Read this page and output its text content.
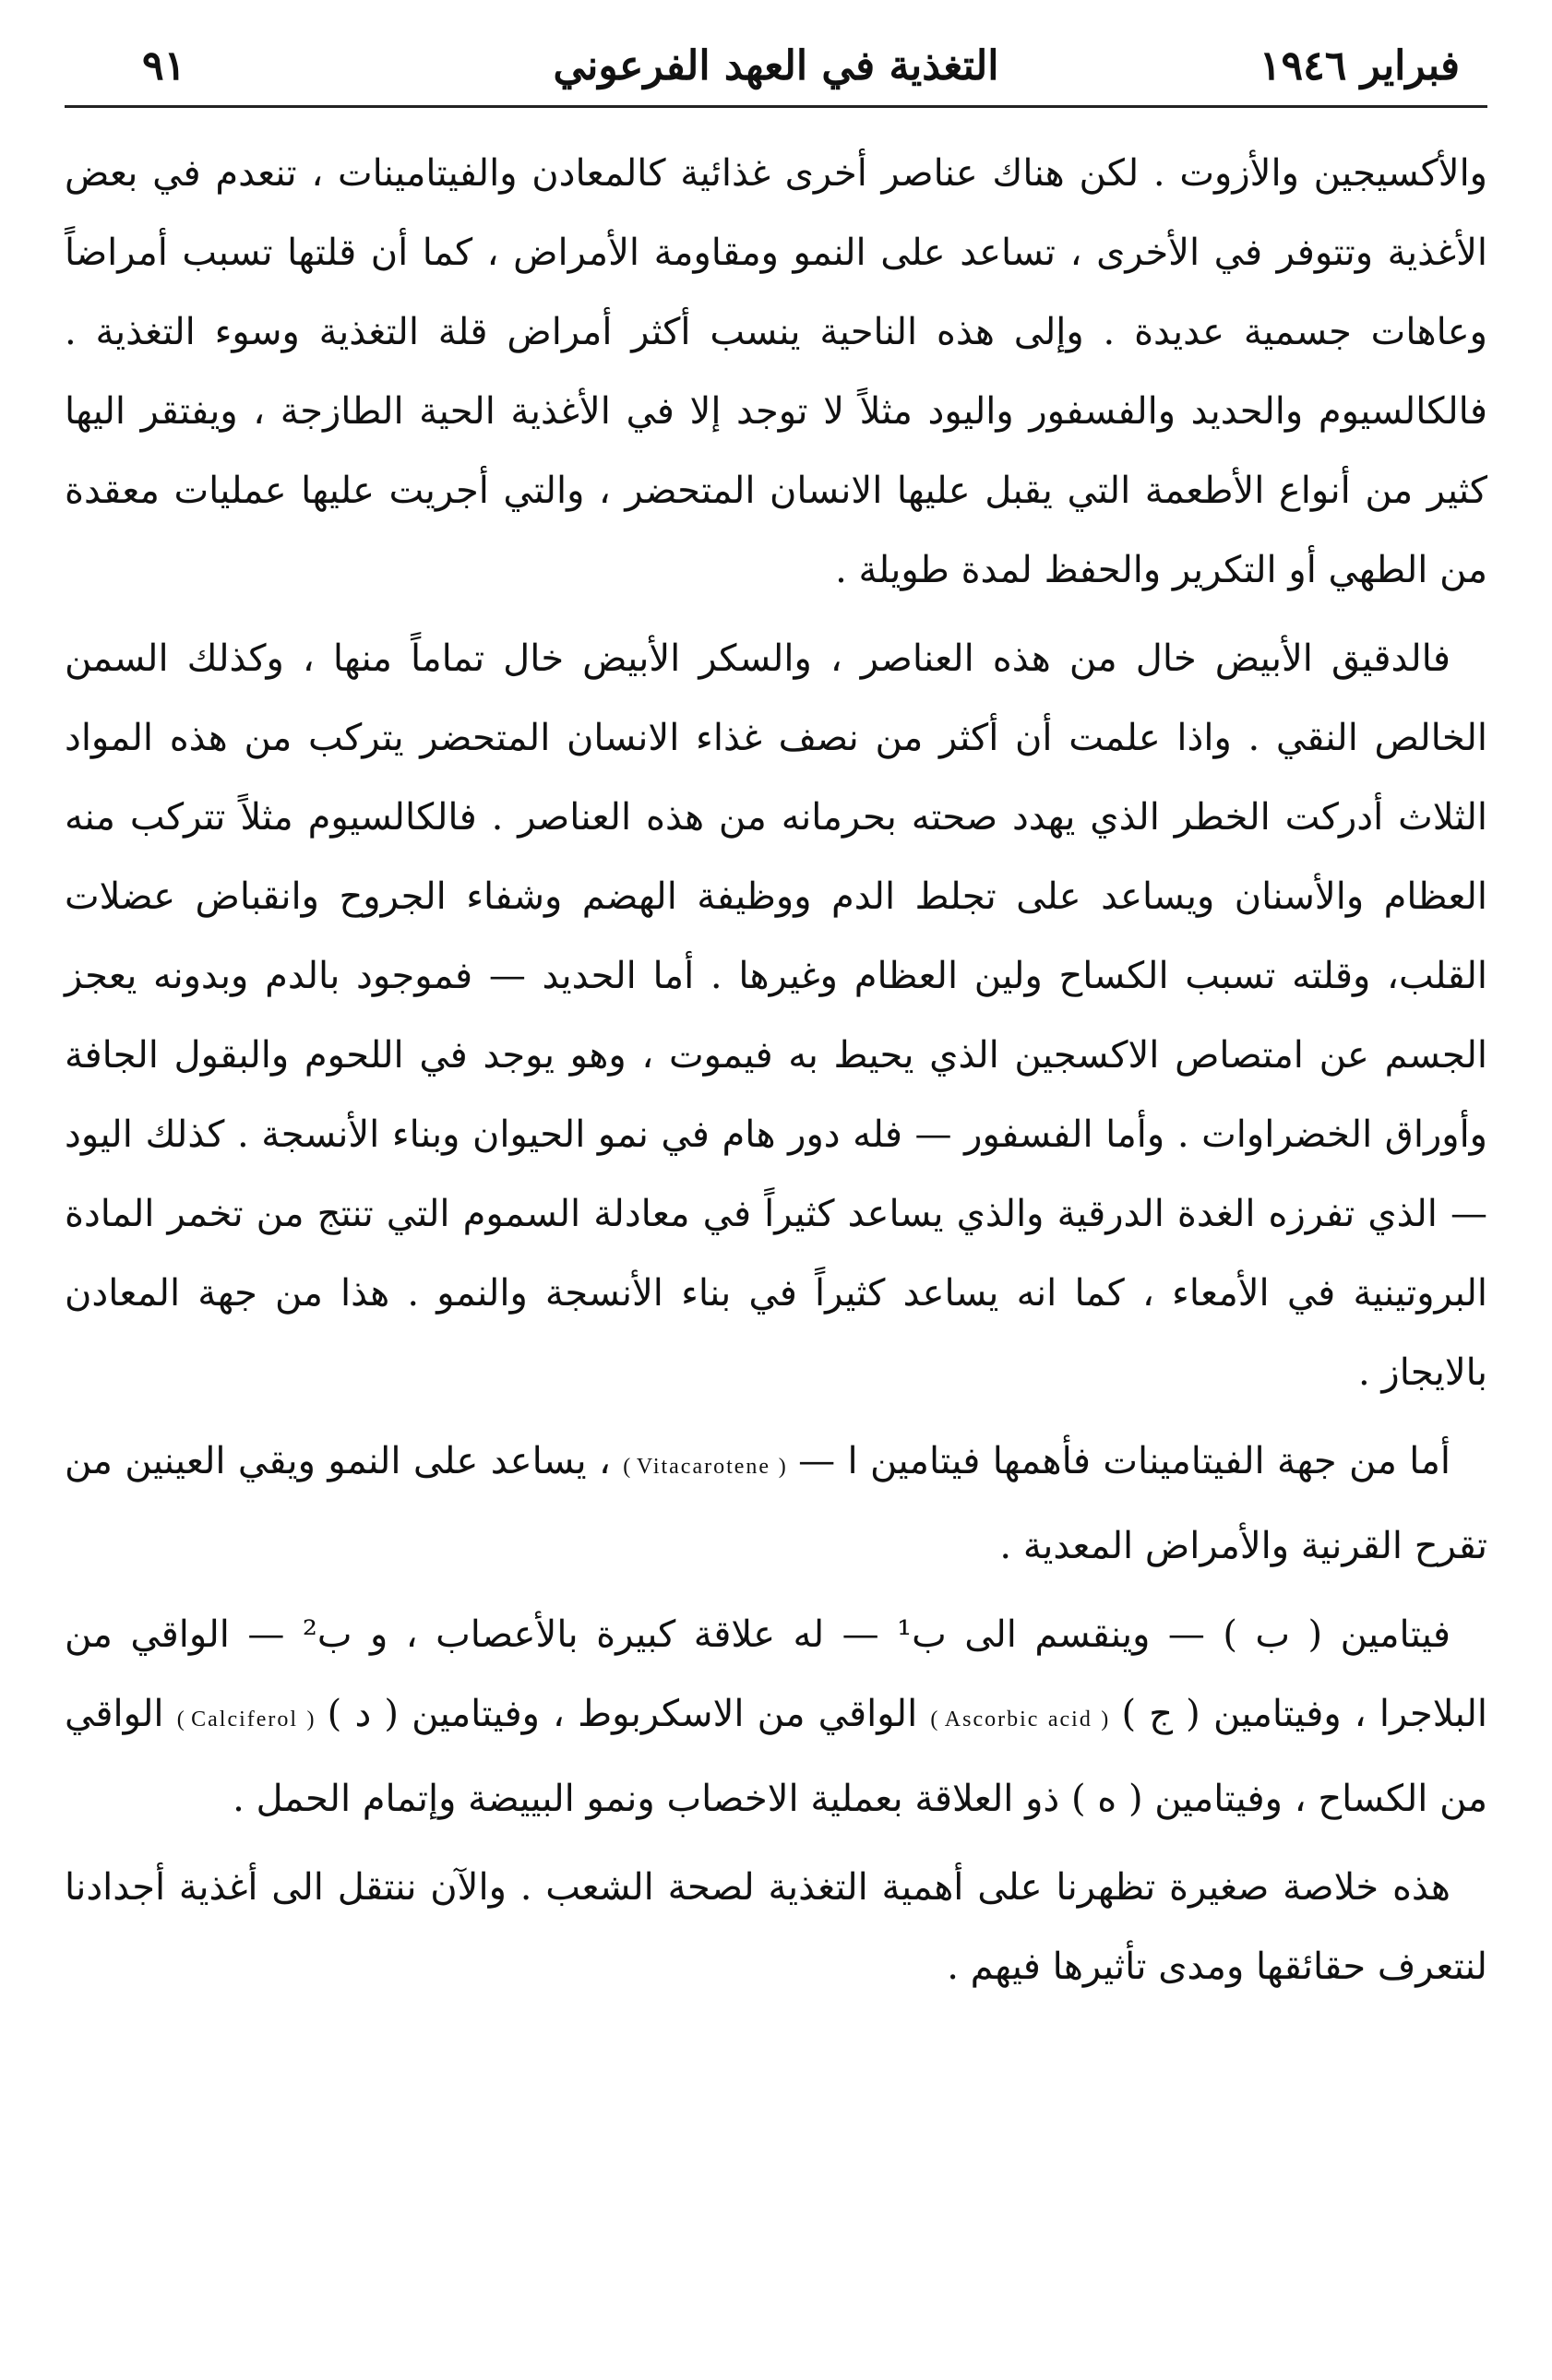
٩١	التغذية في العهد الفرعوني	فبراير ١٩٤٦

والأكسيجين والأزوت . لكن هناك عناصر أخرى غذائية كالمعادن والفيتامينات ، تنعدم في بعض الأغذية وتتوفر في الأخرى ، تساعد على النمو ومقاومة الأمراض ، كما أن قلتها تسبب أمراضاً وعاهات جسمية عديدة . وإلى هذه الناحية ينسب أكثر أمراض قلة التغذية وسوء التغذية . فالكالسيوم والحديد والفسفور واليود مثلاً لا توجد إلا في الأغذية الحية الطازجة ، ويفتقر اليها كثير من أنواع الأطعمة التي يقبل عليها الانسان المتحضر ، والتي أجريت عليها عمليات معقدة من الطهي أو التكرير والحفظ لمدة طويلة .

فالدقيق الأبيض خال من هذه العناصر ، والسكر الأبيض خال تماماً منها ، وكذلك السمن الخالص النقي . واذا علمت أن أكثر من نصف غذاء الانسان المتحضر يتركب من هذه المواد الثلاث أدركت الخطر الذي يهدد صحته بحرمانه من هذه العناصر . فالكالسيوم مثلاً تتركب منه العظام والأسنان ويساعد على تجلط الدم ووظيفة الهضم وشفاء الجروح وانقباض عضلات القلب، وقلته تسبب الكساح ولين العظام وغيرها . أما الحديد — فموجود بالدم وبدونه يعجز الجسم عن امتصاص الاكسجين الذي يحيط به فيموت ، وهو يوجد في اللحوم والبقول الجافة وأوراق الخضراوات . وأما الفسفور — فله دور هام في نمو الحيوان وبناء الأنسجة . كذلك اليود — الذي تفرزه الغدة الدرقية والذي يساعد كثيراً في معادلة السموم التي تنتج من تخمر المادة البروتينية في الأمعاء ، كما انه يساعد كثيراً في بناء الأنسجة والنمو . هذا من جهة المعادن بالايجاز .

أما من جهة الفيتامينات فأهمها فيتامين ا — ( Vitacarotene ) ، يساعد على النمو ويقي العينين من تقرح القرنية والأمراض المعدية .

فيتامين ( ب ) — وينقسم الى ب¹ — له علاقة كبيرة بالأعصاب ، و ب² — الواقي من البلاجرا ، وفيتامين ( ج ) ( Ascorbic acid ) الواقي من الاسكربوط ، وفيتامين ( د ) ( Calciferol ) الواقي من الكساح ، وفيتامين ( ه ) ذو العلاقة بعملية الاخصاب ونمو البييضة وإتمام الحمل .

هذه خلاصة صغيرة تظهرنا على أهمية التغذية لصحة الشعب . والآن ننتقل الى أغذية أجدادنا لنتعرف حقائقها ومدى تأثيرها فيهم .
